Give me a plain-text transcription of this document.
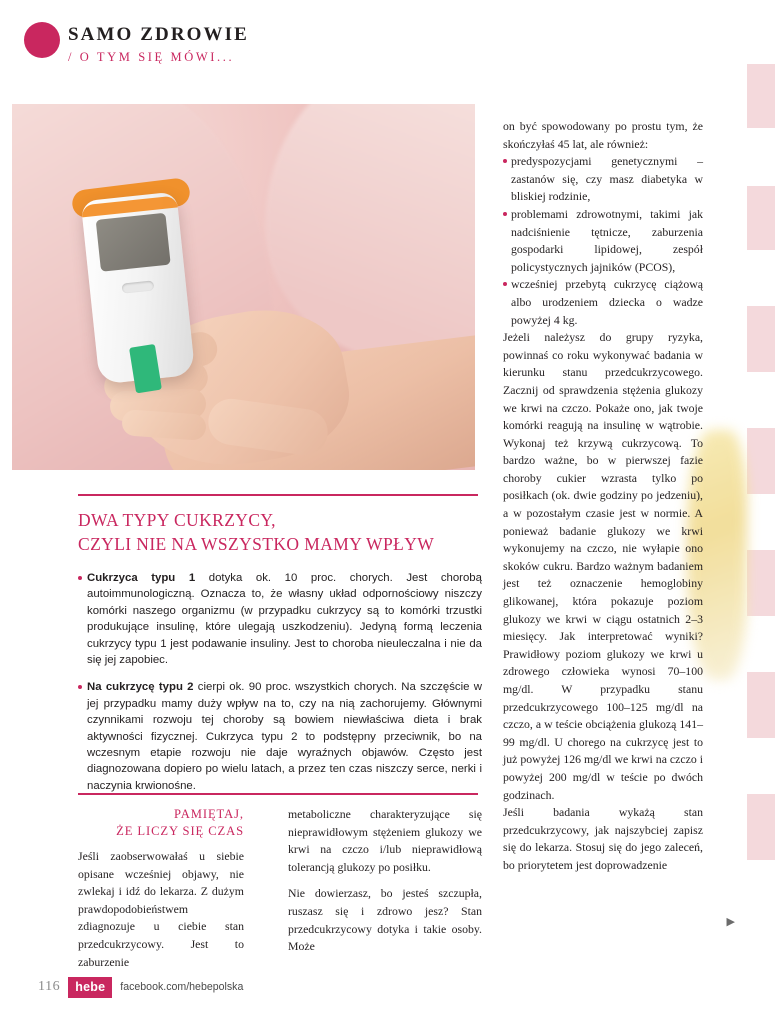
SAMO ZDROWIE
/ O TYM SIĘ MÓWI...
DWA TYPY CUKRZYCY,
CZYLI NIE NA WSZYSTKO MAMY WPŁYW

Cukrzyca typu 1 dotyka ok. 10 proc. chorych. Jest chorobą autoimmunologiczną. Oznacza to, że własny układ odpornościowy niszczy komórki naszego organizmu (w przypadku cukrzycy są to komórki trzustki produkujące insulinę, które ulegają uszkodzeniu). Jedyną formą leczenia cukrzycy typu 1 jest podawanie insuliny. Jest to choroba nieuleczalna i nie da się jej zapobiec.

Na cukrzycę typu 2 cierpi ok. 90 proc. wszystkich chorych. Na szczęście w jej przypadku mamy duży wpływ na to, czy na nią zachorujemy. Głównymi czynnikami rozwoju tej choroby są bowiem niewłaściwa dieta i brak aktywności fizycznej. Cukrzyca typu 2 to podstępny przeciwnik, bo na wczesnym etapie rozwoju nie daje wyraźnych objawów. Często jest diagnozowana dopiero po wielu latach, a przez ten czas niszczy serce, nerki i naczynia krwionośne.

PAMIĘTAJ,
ŻE LICZY SIĘ CZAS

Jeśli zaobserwowałaś u siebie opisane wcześniej objawy, nie zwlekaj i idź do lekarza. Z dużym prawdopodobieństwem zdiagnozuje u ciebie stan przedcukrzycowy. Jest to zaburzenie

metaboliczne charakteryzujące się nieprawidłowym stężeniem glukozy we krwi na czczo i/lub nieprawidłową tolerancją glukozy po posiłku.

Nie dowierzasz, bo jesteś szczupła, ruszasz się i zdrowo jesz? Stan przedcukrzycowy dotyka i takie osoby. Może

on być spowodowany po prostu tym, że skończyłaś 45 lat, ale również:

predyspozycjami genetycznymi – zastanów się, czy masz diabetyka w bliskiej rodzinie,

problemami zdrowotnymi, takimi jak nadciśnienie tętnicze, zaburzenia gospodarki lipidowej, zespół policystycznych jajników (PCOS),

wcześniej przebytą cukrzycę ciążową albo urodzeniem dziecka o wadze powyżej 4 kg.

Jeżeli należysz do grupy ryzyka, powinnaś co roku wykonywać badania w kierunku stanu przedcukrzycowego. Zacznij od sprawdzenia stężenia glukozy we krwi na czczo. Pokaże ono, jak twoje komórki reagują na insulinę w wątrobie. Wykonaj też krzywą cukrzycową. To bardzo ważne, bo w pierwszej fazie choroby cukier wzrasta tylko po posiłkach (ok. dwie godziny po jedzeniu), a w pozostałym czasie jest w normie. A ponieważ badanie glukozy we krwi wykonujemy na czczo, nie wyłapie ono skoków cukru. Bardzo ważnym badaniem jest też oznaczenie hemoglobiny glikowanej, która pokazuje poziom glukozy we krwi w ciągu ostatnich 2–3 miesięcy. Jak interpretować wyniki? Prawidłowy poziom glukozy we krwi u zdrowego człowieka wynosi 70–100 mg/dl. W przypadku stanu przedcukrzycowego 100–125 mg/dl na czczo, a w teście obciążenia glukozą 141–99 mg/dl. U chorego na cukrzycę jest to już powyżej 126 mg/dl we krwi na czczo i powyżej 200 mg/dl w teście po dwóch godzinach.

Jeśli badania wykażą stan przedcukrzycowy, jak najszybciej zapisz się do lekarza. Stosuj się do jego zaleceń, bo priorytetem jest doprowadzenie

▶
116	hebe	facebook.com/hebepolska
